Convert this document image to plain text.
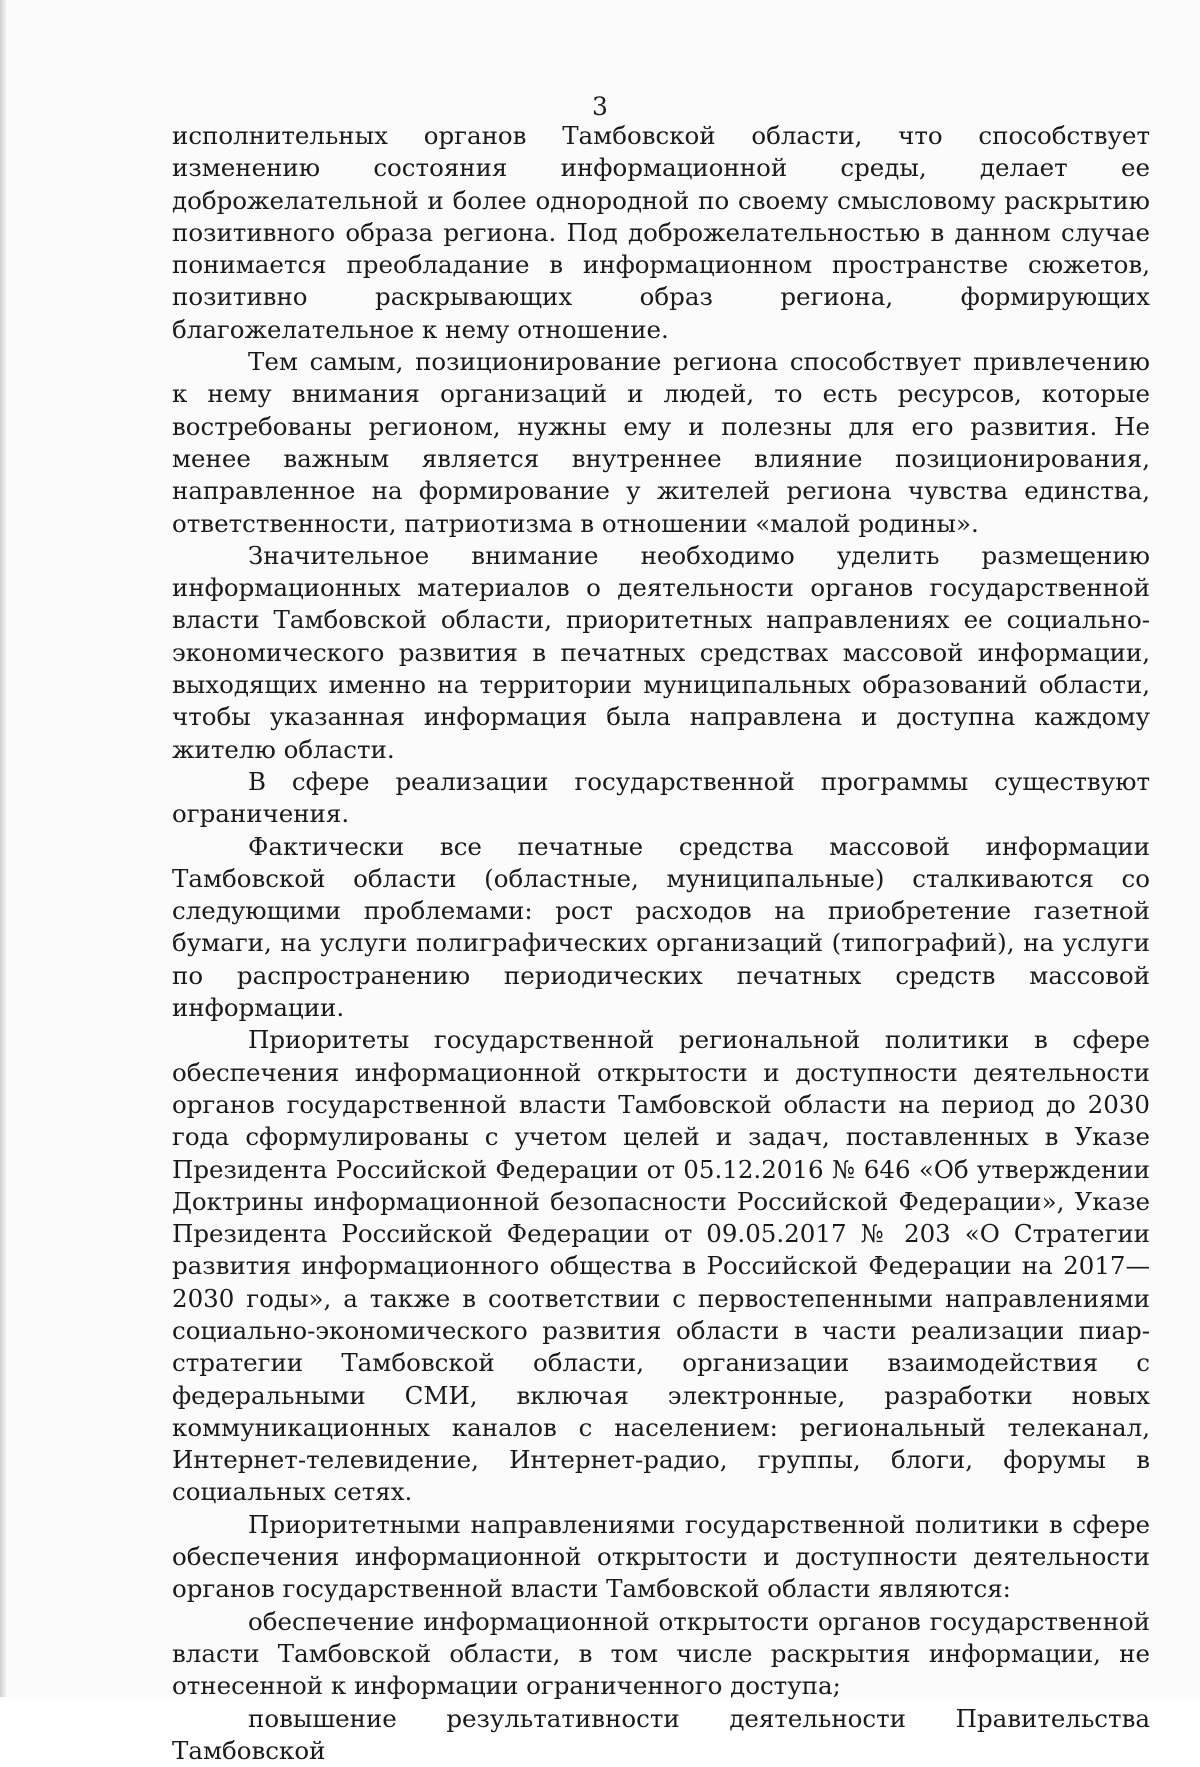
3

исполнительных органов Тамбовской области, что способствует изменению состояния информационной среды, делает ее доброжелательной и более однородной по своему смысловому раскрытию позитивного образа региона. Под доброжелательностью в данном случае понимается преобладание в информационном пространстве сюжетов, позитивно раскрывающих образ региона, формирующих благожелательное к нему отношение.

Тем самым, позиционирование региона способствует привлечению к нему внимания организаций и людей, то есть ресурсов, которые востребованы регионом, нужны ему и полезны для его развития. Не менее важным является внутреннее влияние позиционирования, направленное на формирование у жителей региона чувства единства, ответственности, патриотизма в отношении «малой родины».

Значительное внимание необходимо уделить размещению информационных материалов о деятельности органов государственной власти Тамбовской области, приоритетных направлениях ее социально-экономического развития в печатных средствах массовой информации, выходящих именно на территории муниципальных образований области, чтобы указанная информация была направлена и доступна каждому жителю области.

В сфере реализации государственной программы существуют ограничения.

Фактически все печатные средства массовой информации Тамбовской области (областные, муниципальные) сталкиваются со следующими проблемами: рост расходов на приобретение газетной бумаги, на услуги полиграфических организаций (типографий), на услуги по распространению периодических печатных средств массовой информации.

Приоритеты государственной региональной политики в сфере обеспечения информационной открытости и доступности деятельности органов государственной власти Тамбовской области на период до 2030 года сформулированы с учетом целей и задач, поставленных в Указе Президента Российской Федерации от 05.12.2016 № 646 «Об утверждении Доктрины информационной безопасности Российской Федерации», Указе Президента Российской Федерации от 09.05.2017 № 203 «О Стратегии развития информационного общества в Российской Федерации на 2017—2030 годы», а также в соответствии с первостепенными направлениями социально-экономического развития области в части реализации пиар-стратегии Тамбовской области, организации взаимодействия с федеральными СМИ, включая электронные, разработки новых коммуникационных каналов с населением: региональный телеканал, Интернет-телевидение, Интернет-радио, группы, блоги, форумы в социальных сетях.

Приоритетными направлениями государственной политики в сфере обеспечения информационной открытости и доступности деятельности органов государственной власти Тамбовской области являются:

обеспечение информационной открытости органов государственной власти Тамбовской области, в том числе раскрытия информации, не отнесенной к информации ограниченного доступа;

повышение результативности деятельности Правительства Тамбовской
